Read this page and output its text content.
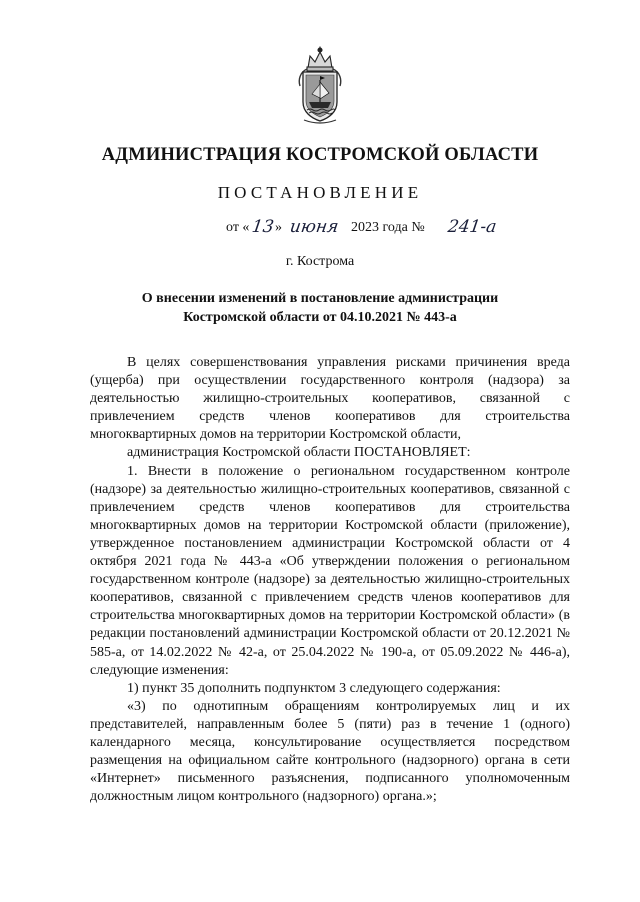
АДМИНИСТРАЦИЯ КОСТРОМСКОЙ ОБЛАСТИ
ПОСТАНОВЛЕНИЕ
от « 13 » июня 2023 года № 241-а
г. Кострома
О внесении изменений в постановление администрации
Костромской области от 04.10.2021 № 443-а

В целях совершенствования управления рисками причинения вреда (ущерба) при осуществлении государственного контроля (надзора) за деятельностью жилищно-строительных кооперативов, связанной с привлечением средств членов кооперативов для строительства многоквартирных домов на территории Костромской области,

администрация Костромской области ПОСТАНОВЛЯЕТ:

1. Внести в положение о региональном государственном контроле (надзоре) за деятельностью жилищно-строительных кооперативов, связанной с привлечением средств членов кооперативов для строительства многоквартирных домов на территории Костромской области (приложение), утвержденное постановлением администрации Костромской области от 4 октября 2021 года № 443-а «Об утверждении положения о региональном государственном контроле (надзоре) за деятельностью жилищно-строительных кооперативов, связанной с привлечением средств членов кооперативов для строительства многоквартирных домов на территории Костромской области» (в редакции постановлений администрации Костромской области от 20.12.2021 № 585-а, от 14.02.2022 № 42-а, от 25.04.2022 № 190-а, от 05.09.2022 № 446-а), следующие изменения:

1) пункт 35 дополнить подпунктом 3 следующего содержания:

«3) по однотипным обращениям контролируемых лиц и их представителей, направленным более 5 (пяти) раз в течение 1 (одного) календарного месяца, консультирование осуществляется посредством размещения на официальном сайте контрольного (надзорного) органа в сети «Интернет» письменного разъяснения, подписанного уполномоченным должностным лицом контрольного (надзорного) органа.»;
